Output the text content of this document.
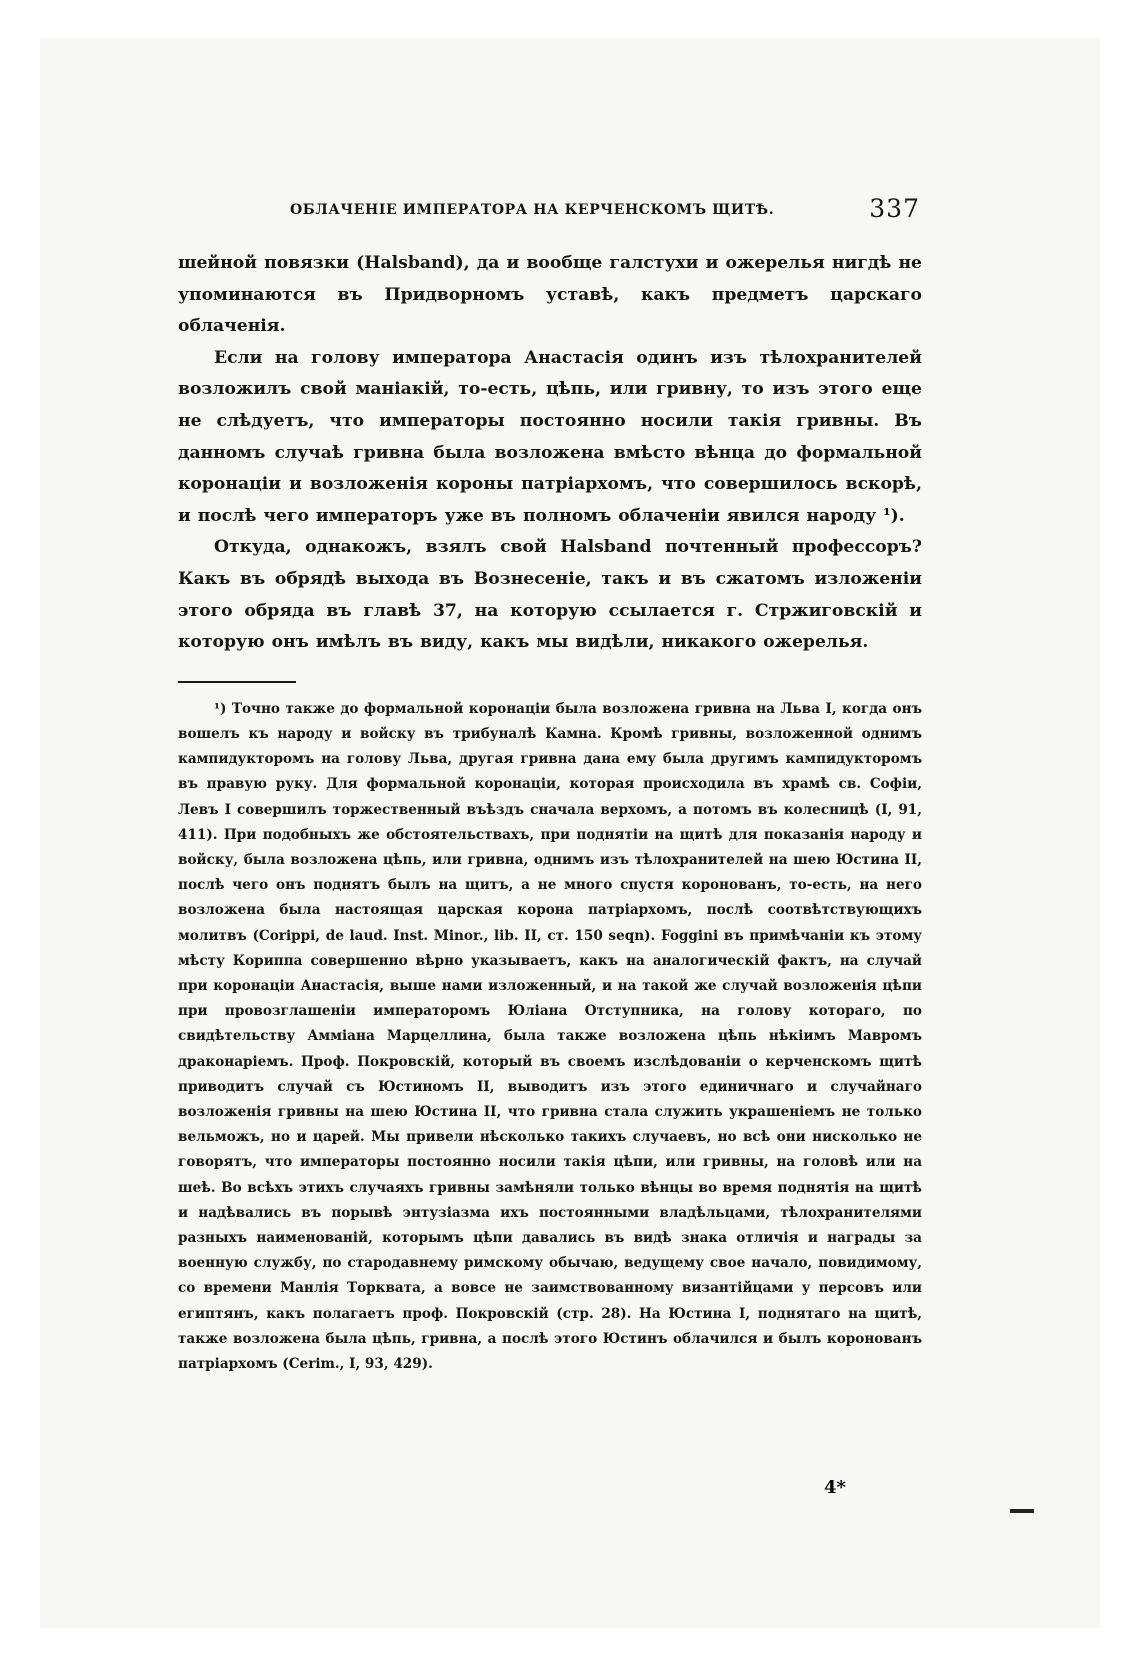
ОБЛАЧЕНІЕ ИМПЕРАТОРА НА КЕРЧЕНСКОМЪ ЩИТѢ.	337

шейной повязки (Halsband), да и вообще галстухи и ожерелья нигдѣ не упоминаются въ Придворномъ уставѣ, какъ предметъ царскаго облаченія.

Если на голову императора Анастасія одинъ изъ тѣлохранителей возложилъ свой маніакій, то-есть, цѣпь, или гривну, то изъ этого еще не слѣдуетъ, что императоры постоянно носили такія гривны. Въ данномъ случаѣ гривна была возложена вмѣсто вѣнца до формальной коронаціи и возложенія короны патріархомъ, что совершилось вскорѣ, и послѣ чего императоръ уже въ полномъ облаченіи явился народу ¹).

Откуда, однакожъ, взялъ свой Halsband почтенный профессоръ? Какъ въ обрядѣ выхода въ Вознесеніе, такъ и въ сжатомъ изложеніи этого обряда въ главѣ 37, на которую ссылается г. Стржиговскій и которую онъ имѣлъ въ виду, какъ мы видѣли, никакого ожерелья.

¹) Точно также до формальной коронаціи была возложена гривна на Льва I, когда онъ вошелъ къ народу и войску въ трибуналѣ Камна. Кромѣ гривны, возложенной однимъ кампидукторомъ на голову Льва, другая гривна дана ему была другимъ кампидукторомъ въ правую руку. Для формальной коронаціи, которая происходила въ храмѣ св. Софіи, Левъ I совершилъ торжественный въѣздъ сначала верхомъ, а потомъ въ колесницѣ (I, 91, 411). При подобныхъ же обстоятельствахъ, при поднятіи на щитѣ для показанія народу и войску, была возложена цѣпь, или гривна, однимъ изъ тѣлохранителей на шею Юстина II, послѣ чего онъ поднятъ былъ на щитъ, а не много спустя коронованъ, то-есть, на него возложена была настоящая царская корона патріархомъ, послѣ соотвѣтствующихъ молитвъ (Corippi, de laud. Inst. Minor., lib. II, ст. 150 seqn). Foggini въ примѣчаніи къ этому мѣсту Кориппа совершенно вѣрно указываетъ, какъ на аналогическій фактъ, на случай при коронаціи Анастасія, выше нами изложенный, и на такой же случай возложенія цѣпи при провозглашеніи императоромъ Юліана Отступника, на голову котораго, по свидѣтельству Амміана Марцеллина, была также возложена цѣпь нѣкіимъ Мавромъ драконаріемъ. Проф. Покровскій, который въ своемъ изслѣдованіи о керченскомъ щитѣ приводитъ случай съ Юстиномъ II, выводитъ изъ этого единичнаго и случайнаго возложенія гривны на шею Юстина II, что гривна стала служить украшеніемъ не только вельможъ, но и царей. Мы привели нѣсколько такихъ случаевъ, но всѣ они нисколько не говорятъ, что императоры постоянно носили такія цѣпи, или гривны, на головѣ или на шеѣ. Во всѣхъ этихъ случаяхъ гривны замѣняли только вѣнцы во время поднятія на щитѣ и надѣвались въ порывѣ энтузіазма ихъ постоянными владѣльцами, тѣлохранителями разныхъ наименованій, которымъ цѣпи давались въ видѣ знака отличія и награды за военную службу, по стародавнему римскому обычаю, ведущему свое начало, повидимому, со времени Манлія Торквата, а вовсе не заимствованному византійцами у персовъ или египтянъ, какъ полагаетъ проф. Покровскій (стр. 28). На Юстина I, поднятаго на щитѣ, также возложена была цѣпь, гривна, а послѣ этого Юстинъ облачился и былъ коронованъ патріархомъ (Cerim., I, 93, 429).

4*
